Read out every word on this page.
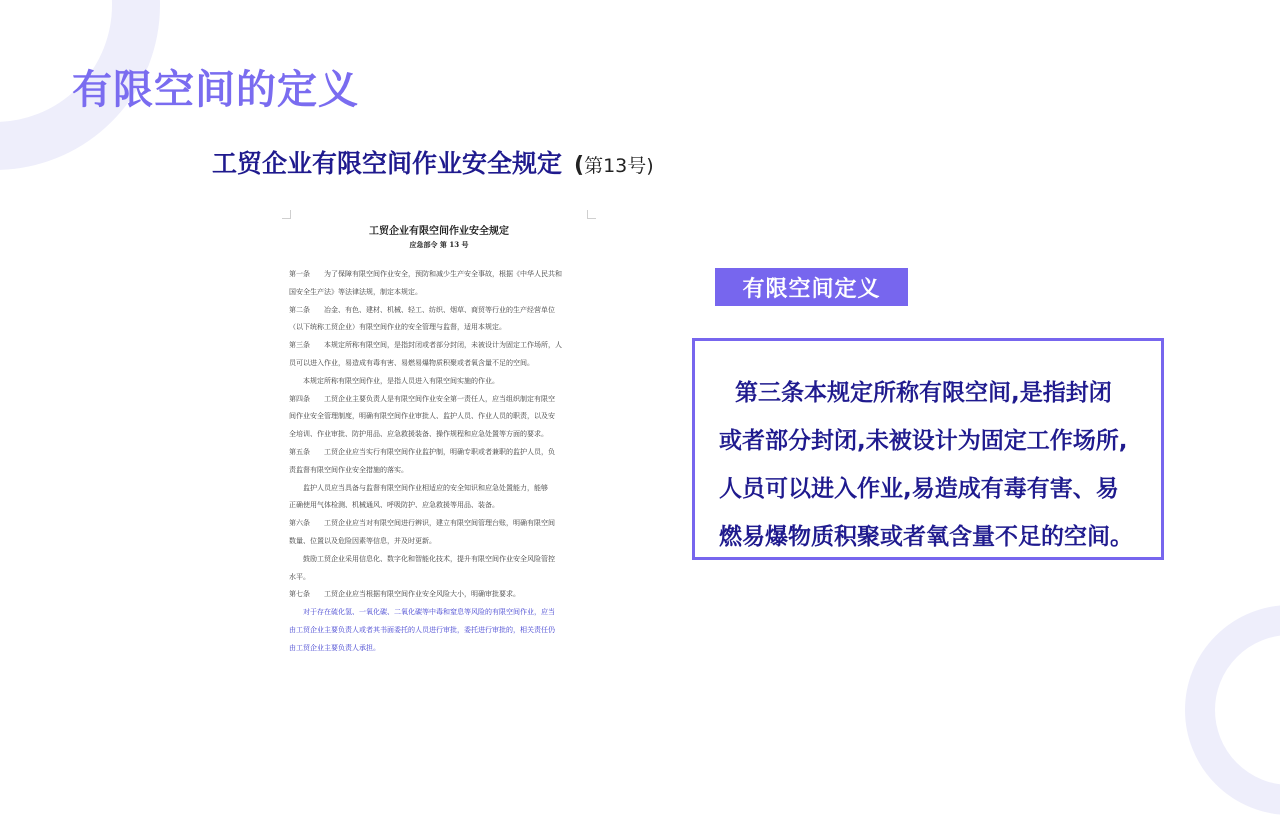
有限空间的定义
工贸企业有限空间作业安全规定 ( 第13号 )
工贸企业有限空间作业安全规定
应急部令 第 13 号
第一条　　为了保障有限空间作业安全，预防和减少生产安全事故，根据《中华人民共和
国安全生产法》等法律法规，制定本规定。
第二条　　冶金、有色、建材、机械、轻工、纺织、烟草、商贸等行业的生产经营单位
（以下统称工贸企业）有限空间作业的安全管理与监督，适用本规定。
第三条　　本规定所称有限空间，是指封闭或者部分封闭，未被设计为固定工作场所，人
员可以进入作业，易造成有毒有害、易燃易爆物质积聚或者氧含量不足的空间。
本规定所称有限空间作业，是指人员进入有限空间实施的作业。
第四条　　工贸企业主要负责人是有限空间作业安全第一责任人，应当组织制定有限空
间作业安全管理制度，明确有限空间作业审批人、监护人员、作业人员的职责，以及安
全培训、作业审批、防护用品、应急救援装备、操作规程和应急处置等方面的要求。
第五条　　工贸企业应当实行有限空间作业监护制，明确专职或者兼职的监护人员，负
责监督有限空间作业安全措施的落实。
监护人员应当具备与监督有限空间作业相适应的安全知识和应急处置能力，能够
正确使用气体检测、机械通风、呼吸防护、应急救援等用品、装备。
第六条　　工贸企业应当对有限空间进行辨识，建立有限空间管理台账，明确有限空间
数量、位置以及危险因素等信息，并及时更新。
鼓励工贸企业采用信息化、数字化和智能化技术，提升有限空间作业安全风险管控
水平。
第七条　　工贸企业应当根据有限空间作业安全风险大小，明确审批要求。
对于存在硫化氢、一氧化碳、二氧化碳等中毒和窒息等风险的有限空间作业，应当
由工贸企业主要负责人或者其书面委托的人员进行审批，委托进行审批的，相关责任仍
由工贸企业主要负责人承担。
有限空间定义
第三条本规定所称有限空间,是指封闭
或者部分封闭,未被设计为固定工作场所,
人员可以进入作业,易造成有毒有害、易
燃易爆物质积聚或者氧含量不足的空间。
